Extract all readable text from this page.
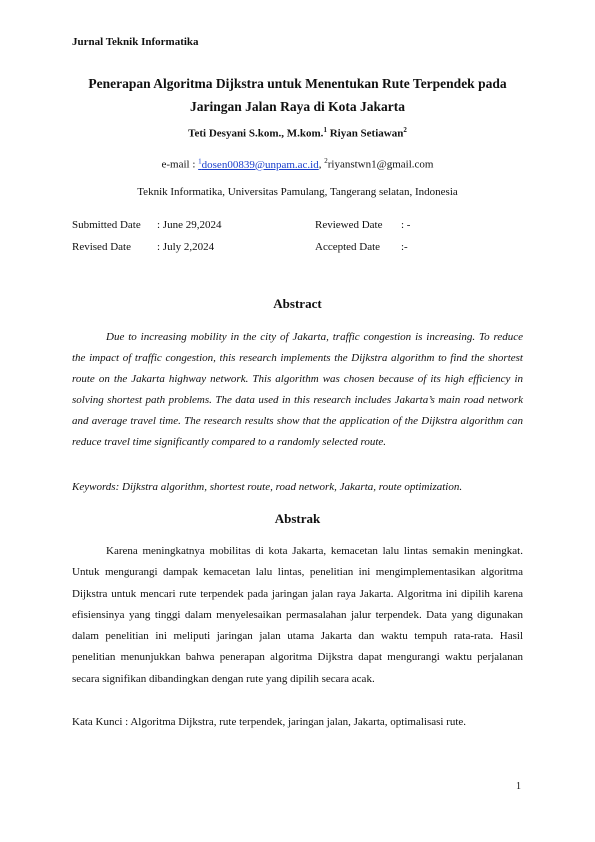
Jurnal Teknik Informatika
Penerapan Algoritma Dijkstra untuk Menentukan Rute Terpendek pada
Jaringan Jalan Raya di Kota Jakarta
Teti Desyani S.kom., M.kom.$^1$ Riyan Setiawan$^2$
e-mail : $^1$dosen00839@unpam.ac.id, $^2$riyanstwn1@gmail.com
Teknik Informatika, Universitas Pamulang, Tangerang selatan, Indonesia
Submitted Date	: June 29,2024	Reviewed Date	: -
Revised Date	: July 2,2024	Accepted Date	:-
Abstract

Due to increasing mobility in the city of Jakarta, traffic congestion is increasing. To reduce the impact of traffic congestion, this research implements the Dijkstra algorithm to find the shortest route on the Jakarta highway network. This algorithm was chosen because of its high efficiency in solving shortest path problems. The data used in this research includes Jakarta’s main road network and average travel time. The research results show that the application of the Dijkstra algorithm can reduce travel time significantly compared to a randomly selected route.

Keywords: Dijkstra algorithm, shortest route, road network, Jakarta, route optimization.
Abstrak

Karena meningkatnya mobilitas di kota Jakarta, kemacetan lalu lintas semakin meningkat. Untuk mengurangi dampak kemacetan lalu lintas, penelitian ini mengimplementasikan algoritma Dijkstra untuk mencari rute terpendek pada jaringan jalan raya Jakarta. Algoritma ini dipilih karena efisiensinya yang tinggi dalam menyelesaikan permasalahan jalur terpendek. Data yang digunakan dalam penelitian ini meliputi jaringan jalan utama Jakarta dan waktu tempuh rata-rata. Hasil penelitian menunjukkan bahwa penerapan algoritma Dijkstra dapat mengurangi waktu perjalanan secara signifikan dibandingkan dengan rute yang dipilih secara acak.

Kata Kunci : Algoritma Dijkstra, rute terpendek, jaringan jalan, Jakarta, optimalisasi rute.
1
